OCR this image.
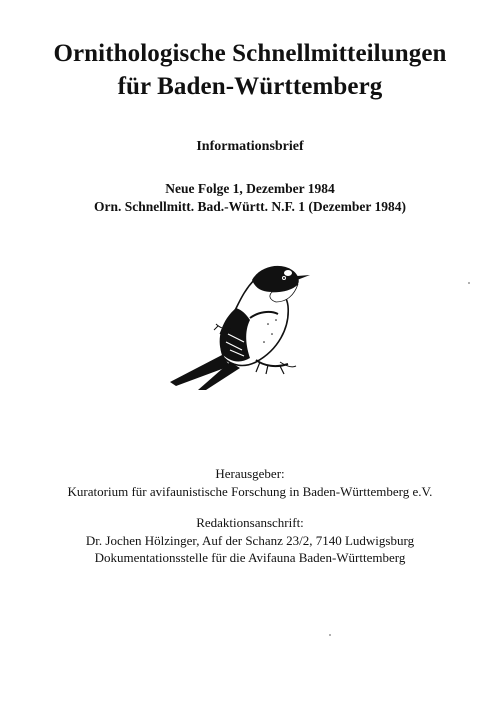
Ornithologische Schnellmitteilungen
für Baden-Württemberg
Informationsbrief
Neue Folge 1, Dezember 1984
Orn. Schnellmitt. Bad.-Württ. N.F. 1 (Dezember 1984)
Herausgeber:
Kuratorium für avifaunistische Forschung in Baden-Württemberg e.V.
Redaktionsanschrift:
Dr. Jochen Hölzinger, Auf der Schanz 23/2, 7140 Ludwigsburg
Dokumentationsstelle für die Avifauna Baden-Württemberg
